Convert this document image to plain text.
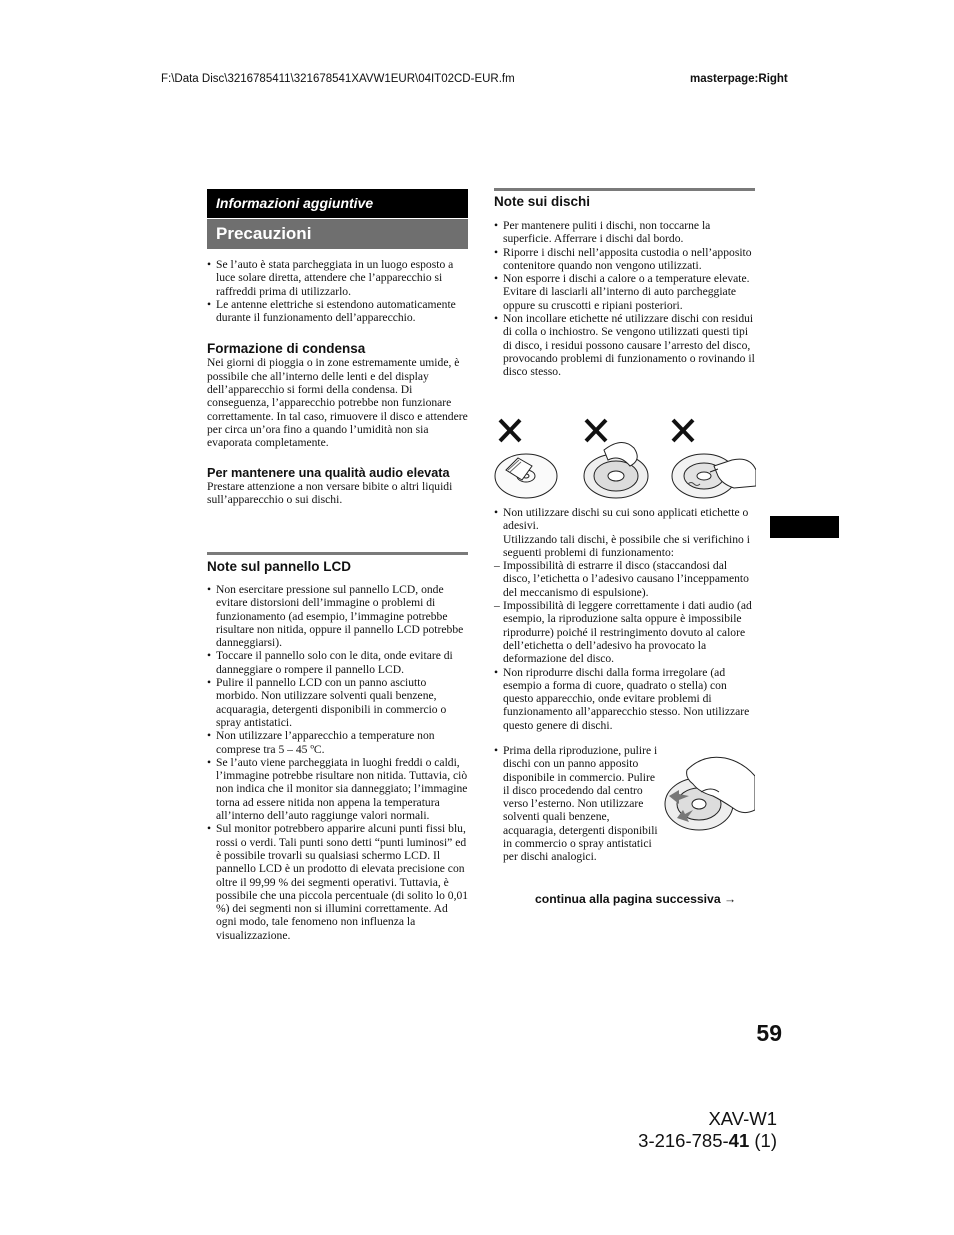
F:\Data Disc\3216785411\321678541XAVW1EUR\04IT02CD-EUR.fm	masterpage:Right
Informazioni aggiuntive
Precauzioni
• Se l’auto è stata parcheggiata in un luogo esposto a luce solare diretta, attendere che l’apparecchio si raffreddi prima di utilizzarlo.
• Le antenne elettriche si estendono automaticamente durante il funzionamento dell’apparecchio.
Formazione di condensa

Nei giorni di pioggia o in zone estremamente umide, è possibile che all’interno delle lenti e del display dell’apparecchio si formi della condensa. Di conseguenza, l’apparecchio potrebbe non funzionare correttamente. In tal caso, rimuovere il disco e attendere per circa un’ora fino a quando l’umidità non sia evaporata completamente.

Per mantenere una qualità audio elevata

Prestare attenzione a non versare bibite o altri liquidi sull’apparecchio o sui dischi.

Note sul pannello LCD
• Non esercitare pressione sul pannello LCD, onde evitare distorsioni dell’immagine o problemi di funzionamento (ad esempio, l’immagine potrebbe risultare non nitida, oppure il pannello LCD potrebbe danneggiarsi).
• Toccare il pannello solo con le dita, onde evitare di danneggiare o rompere il pannello LCD.
• Pulire il pannello LCD con un panno asciutto morbido. Non utilizzare solventi quali benzene, acquaragia, detergenti disponibili in commercio o spray antistatici.
• Non utilizzare l’apparecchio a temperature non comprese tra 5 – 45 ºC.
• Se l’auto viene parcheggiata in luoghi freddi o caldi, l’immagine potrebbe risultare non nitida. Tuttavia, ciò non indica che il monitor sia danneggiato; l’immagine torna ad essere nitida non appena la temperatura all’interno dell’auto raggiunge valori normali.
• Sul monitor potrebbero apparire alcuni punti fissi blu, rossi o verdi. Tali punti sono detti “punti luminosi” ed è possibile trovarli su qualsiasi schermo LCD. Il pannello LCD è un prodotto di elevata precisione con oltre il 99,99 % dei segmenti operativi. Tuttavia, è possibile che una piccola percentuale (di solito lo 0,01 %) dei segmenti non si illumini correttamente. Ad ogni modo, tale fenomeno non influenza la visualizzazione.
Note sui dischi
• Per mantenere puliti i dischi, non toccarne la superficie. Afferrare i dischi dal bordo.
• Riporre i dischi nell’apposita custodia o nell’apposito contenitore quando non vengono utilizzati.
• Non esporre i dischi a calore o a temperature elevate. Evitare di lasciarli all’interno di auto parcheggiate oppure su cruscotti e ripiani posteriori.
• Non incollare etichette né utilizzare dischi con residui di colla o inchiostro. Se vengono utilizzati questi tipi di disco, i residui possono causare l’arresto del disco, provocando problemi di funzionamento o rovinando il disco stesso.
• Non utilizzare dischi su cui sono applicati etichette o adesivi.
Utilizzando tali dischi, è possibile che si verifichino i seguenti problemi di funzionamento:
– Impossibilità di estrarre il disco (staccandosi dal disco, l’etichetta o l’adesivo causano l’inceppamento del meccanismo di espulsione).
– Impossibilità di leggere correttamente i dati audio (ad esempio, la riproduzione salta oppure è impossibile riprodurre) poiché il restringimento dovuto al calore dell’etichetta o dell’adesivo ha provocato la deformazione del disco.
• Non riprodurre dischi dalla forma irregolare (ad esempio a forma di cuore, quadrato o stella) con questo apparecchio, onde evitare problemi di funzionamento all’apparecchio stesso. Non utilizzare questo genere di dischi.
• Prima della riproduzione, pulire i dischi con un panno apposito disponibile in commercio. Pulire il disco procedendo dal centro verso l’esterno. Non utilizzare solventi quali benzene, acquaragia, detergenti disponibili in commercio o spray antistatici per dischi analogici.
continua alla pagina successiva →
59
XAV-W1
3-216-785-41 (1)
